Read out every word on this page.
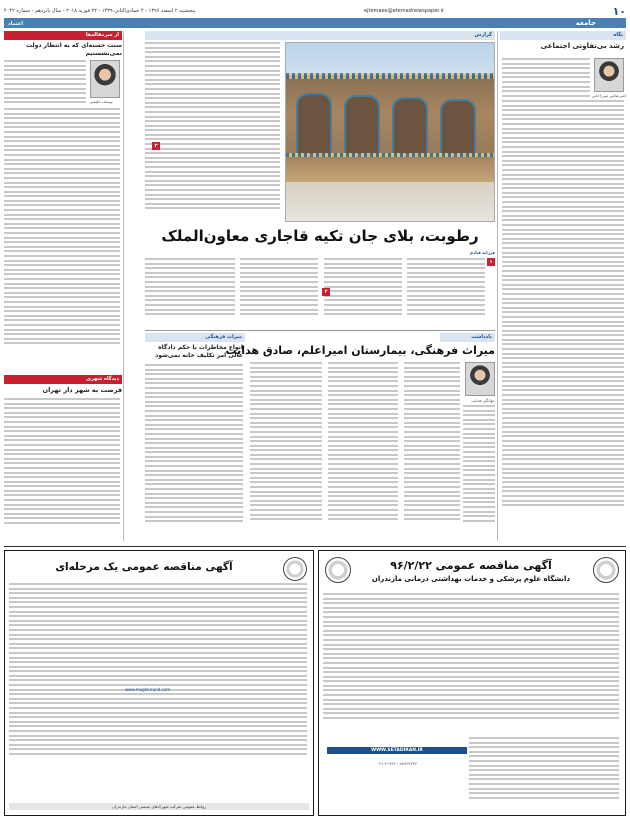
۱۰
ejtemaee@etemadnewspaper.ir
پنجشنبه ۲ اسفند ۱۳۹۶ - ۴ جمادی‌الثانی ۱۴۳۹ - ۲۲ فوریه ۲۰۱۸ - سال پانزدهم - شماره ۴۰۴۲
جامعه
اعتماد
نگاه
رشد بی‌تفاوتی اجتماعی
امیرعباس میرزاخانی
گزارش
۳
رطوبت، بلای جان تکیه قاجاری معاون‌الملک
فرزانه قبادی
۱
۲
یادداشت
میراث فرهنگی، بیمارستان امیراعلم، صادق هدایت
جهانگیر هدایت
میراث فرهنگی
انواع مخاطرات با حکم دادگاه عالی امر تکلیف خانه نمی‌شود
از سرمقاله‌ها
سنت حسنه‌ای که به انتظار دولت نمی‌نشستیم
یوسف علیمیر
دیدگاه شهری
فرصت به شهر دار تهران
آگهی مناقصه عمومی ۹۶/۲/۲۲
دانشگاه علوم پزشکی و خدمات بهداشتی درمانی مازندران
WWW.SETADIRAN.IR
۰۲۱-۴۱۹۳۴ - ۸۸۹۶۹۷۳۷
آگهی مناقصه عمومی یک مرحله‌ای
www.mogharrand.com
روابط عمومی شرکت شهرک‌های صنعتی استان مازندران
